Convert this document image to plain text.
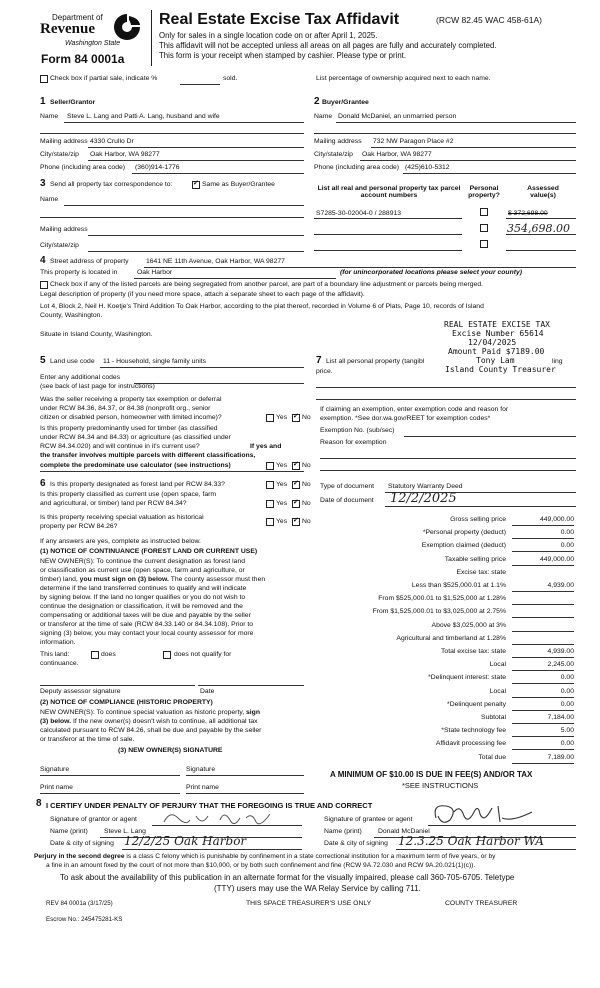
Department of
Revenue
Washington State
Form 84 0001a
Real Estate Excise Tax Affidavit	(RCW 82.45 WAC 458-61A)
Only for sales in a single location code on or after April 1, 2025.
This affidavit will not be accepted unless all areas on all pages are fully and accurately completed.
This form is your receipt when stamped by cashier. Please type or print.
Check box if partial sale, indicate %	sold.	List percentage of ownership acquired next to each name.
1 Seller/Grantor
Name Steve L. Lang and Patti A. Lang, husband and wife
Mailing address 4330 Crullo Dr
City/state/zip Oak Harbor, WA 98277
Phone (including area code) (360)914-1776
2 Buyer/Grantee
Name Donald McDaniel, an unmarried person
Mailing address 732 NW Paragon Place #2
City/state/zip Oak Harbor, WA 98277
Phone (including area code) (425)610-5312
3 Send all property tax correspondence to: ✓	Same as Buyer/Grantee
Name
Mailing address
City/state/zip
List all real and personal property tax parcel account numbers
Personal property?
Assessed value(s)
S7285-30-02004-0 / 288913	$ 372,698.00
354,698.00
4 Street address of property	1641 NE 11th Avenue, Oak Harbor, WA 98277
This property is located in	Oak Harbor	(for unincorporated locations please select your county)
Check box if any of the listed parcels are being segregated from another parcel, are part of a boundary line adjustment or parcels being merged.
Legal description of property (if you need more space, attach a separate sheet to each page of the affidavit).
Lot 4, Block 2, Neil H. Koetje's Third Addition To Oak Harbor, according to the plat thereof, recorded in Volume 6 of Plats, Page 10, records of Island
County, Washington.
Situate in Island County, Washington.
REAL ESTATE EXCISE TAX
Excise Number 65614
12/04/2025
Amount Paid $7189.00
Tony Lam
Island County Treasurer
5 Land use code 11 - Household, single family units
Enter any additional codes
(see back of last page for instructions)
Was the seller receiving a property tax exemption or deferral
under RCW 84.36, 84.37, or 84.38 (nonprofit org., senior
citizen or disabled person, homeowner with limited income)?	Yes ✓ No
Is this property predominantly used for timber (as classified
under RCW 84.34 and 84.33) or agriculture (as classified under
RCW 84.34.020) and will continue in it's current use?	If yes and
the transfer involves multiple parcels with different classifications,
complete the predominate use calculator (see instructions)	Yes ✓ No
7 List all personal property (tangibl	ling
price.
If claiming an exemption, enter exemption code and reason for
exemption. *See dor.wa.gov/REET for exemption codes*
Exemption No. (sub/sec)
Reason for exemption
6 Is this property designated as forest land per RCW 84.33?	Yes ✓ No
Is this property classified as current use (open space, farm
and agricultural, or timber) land per RCW 84.34?	Yes ✓ No
Is this property receiving special valuation as historical
property per RCW 84.26?
Yes ✓ No
If any answers are yes, complete as instructed below.
(1) NOTICE OF CONTINUANCE (FOREST LAND OR CURRENT USE)
NEW OWNER(S): To continue the current designation as forest land
or classification as current use (open space, farm and agriculture, or
timber) land, you must sign on (3) below. The county assessor must then
determine if the land transferred continues to qualify and will indicate
by signing below. If the land no longer qualifies or you do not wish to
continue the designation or classification, it will be removed and the
compensating or additional taxes will be due and payable by the seller
or transferor at the time of sale (RCW 84.33.140 or 84.34.108). Prior to
signing (3) below, you may contact your local county assessor for more
information.
This land:	does	does not qualify for
continuance.
Deputy assessor signature	Date
(2) NOTICE OF COMPLIANCE (HISTORIC PROPERTY)
NEW OWNER(S): To continue special valuation as historic property, sign
(3) below. If the new owner(s) doesn't wish to continue, all additional tax
calculated pursuant to RCW 84.26, shall be due and payable by the seller
or transferor at the time of sale.
(3) NEW OWNER(S) SIGNATURE
Signature	Signature
Print name	Print name
Type of document Statutory Warranty Deed
Date of document 12/2/2025
Gross selling price	449,000.00
*Personal property (deduct)	0.00
Exemption claimed (deduct)	0.00
Taxable selling price	449,000.00
Excise tax: state
Less than $525,000.01 at 1.1%	4,939.00
From $525,000.01 to $1,525,000 at 1.28%
From $1,525,000.01 to $3,025,000 at 2.75%
Above $3,025,000 at 3%
Agricultural and timberland at 1.28%
Total excise tax: state	4,939.00
Local	2,245.00
*Delinquent interest: state	0.00
Local	0.00
*Delinquent penalty	0.00
Subtotal	7,184.00
*State technology fee	5.00
Affidavit processing fee	0.00
Total due	7,189.00
A MINIMUM OF $10.00 IS DUE IN FEE(S) AND/OR TAX
*SEE INSTRUCTIONS
8 I CERTIFY UNDER PENALTY OF PERJURY THAT THE FOREGOING IS TRUE AND CORRECT
Signature of grantor or agent	Signature of grantee or agent
Name (print) Steve L. Lang	Name (print) Donald McDaniel
Date & city of signing 12/2/25 Oak Harbor	Date & city of signing 12.3.25 Oak Harbor WA
Perjury in the second degree is a class C felony which is punishable by confinement in a state correctional institution for a maximum term of five years, or by
a fine in an amount fixed by the court of not more than $10,000, or by both such confinement and fine (RCW 9A.72.030 and RCW 9A.20.021(1)(c)).
To ask about the availability of this publication in an alternate format for the visually impaired, please call 360-705-6705. Teletype
(TTY) users may use the WA Relay Service by calling 711.
REV 84 0001a (3/17/25)	THIS SPACE TREASURER'S USE ONLY	COUNTY TREASURER
Escrow No.: 245475281-KS
